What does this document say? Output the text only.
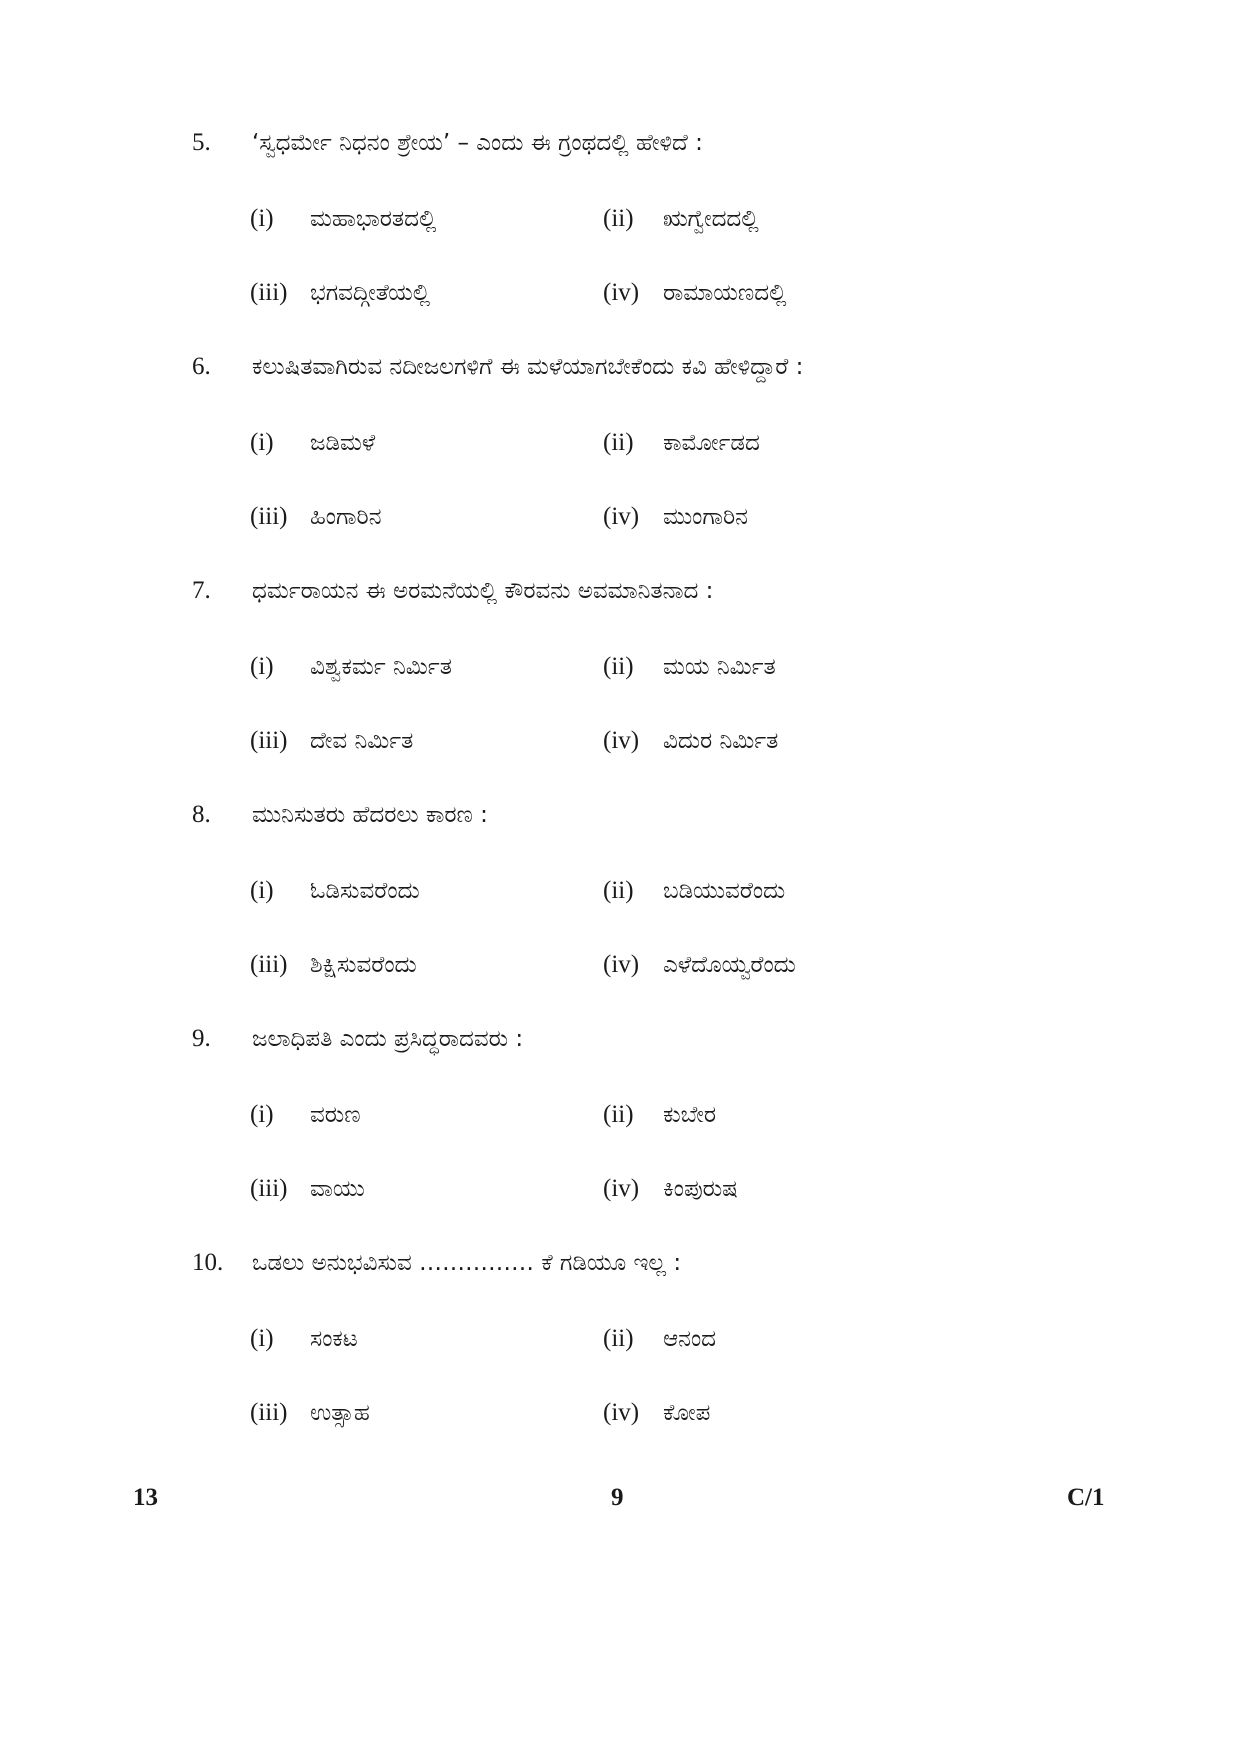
5. ‘ಸ್ವಧರ್ಮೇ ನಿಧನಂ ಶ್ರೇಯ’ – ಎಂದು ಈ ಗ್ರಂಥದಲ್ಲಿ ಹೇಳಿದೆ :
(i) ಮಹಾಭಾರತದಲ್ಲಿ	(ii) ಋಗ್ವೇದದಲ್ಲಿ
(iii) ಭಗವದ್ಗೀತೆಯಲ್ಲಿ	(iv) ರಾಮಾಯಣದಲ್ಲಿ
6. ಕಲುಷಿತವಾಗಿರುವ ನದೀಜಲಗಳಿಗೆ ಈ ಮಳೆಯಾಗಬೇಕೆಂದು ಕವಿ ಹೇಳಿದ್ದಾರೆ :
(i) ಜಡಿಮಳೆ	(ii) ಕಾರ್ಮೋಡದ
(iii) ಹಿಂಗಾರಿನ	(iv) ಮುಂಗಾರಿನ
7. ಧರ್ಮರಾಯನ ಈ ಅರಮನೆಯಲ್ಲಿ ಕೌರವನು ಅವಮಾನಿತನಾದ :
(i) ವಿಶ್ವಕರ್ಮ ನಿರ್ಮಿತ	(ii) ಮಯ ನಿರ್ಮಿತ
(iii) ದೇವ ನಿರ್ಮಿತ	(iv) ವಿದುರ ನಿರ್ಮಿತ
8. ಮುನಿಸುತರು ಹೆದರಲು ಕಾರಣ :
(i) ಓಡಿಸುವರೆಂದು	(ii) ಬಡಿಯುವರೆಂದು
(iii) ಶಿಕ್ಷಿಸುವರೆಂದು	(iv) ಎಳೆದೊಯ್ವರೆಂದು
9. ಜಲಾಧಿಪತಿ ಎಂದು ಪ್ರಸಿದ್ಧರಾದವರು :
(i) ವರುಣ	(ii) ಕುಬೇರ
(iii) ವಾಯು	(iv) ಕಿಂಪುರುಷ
10. ಒಡಲು ಅನುಭವಿಸುವ …………… ಕೆ ಗಡಿಯೂ ಇಲ್ಲ :
(i) ಸಂಕಟ	(ii) ಆನಂದ
(iii) ಉತ್ಸಾಹ	(iv) ಕೋಪ
13	9	C/1
